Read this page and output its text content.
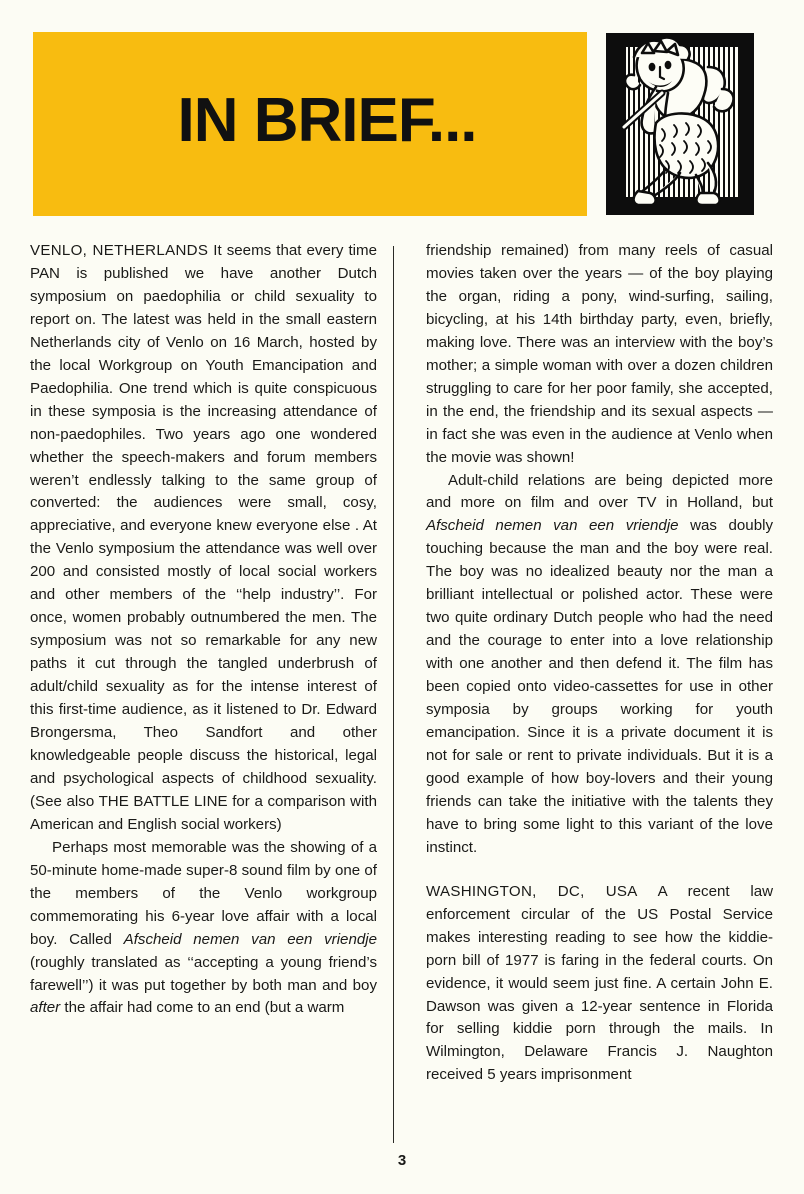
IN BRIEF...

VENLO, NETHERLANDS It seems that every time PAN is published we have another Dutch symposium on paedophilia or child sexuality to report on. The latest was held in the small eastern Netherlands city of Venlo on 16 March, hosted by the local Workgroup on Youth Emancipation and Paedophilia. One trend which is quite conspicuous in these symposia is the increasing attendance of non-paedophiles. Two years ago one wondered whether the speech-makers and forum members weren’t endlessly talking to the same group of converted: the audiences were small, cosy, appreciative, and everyone knew everyone else . At the Venlo symposium the attendance was well over 200 and consisted mostly of local social workers and other members of the ‘‘help industry’’. For once, women probably outnumbered the men. The symposium was not so remarkable for any new paths it cut through the tangled underbrush of adult/child sexuality as for the intense interest of this first-time audience, as it listened to Dr. Edward Brongersma, Theo Sandfort and other knowledgeable people discuss the historical, legal and psychological aspects of childhood sexuality. (See also THE BATTLE LINE for a comparison with American and English social workers)

Perhaps most memorable was the showing of a 50-minute home-made super-8 sound film by one of the members of the Venlo workgroup commemorating his 6-year love affair with a local boy. Called Afscheid nemen van een vriendje (roughly translated as ‘‘accepting a young friend’s farewell’’) it was put together by both man and boy after the affair had come to an end (but a warm

friendship remained) from many reels of casual movies taken over the years — of the boy playing the organ, riding a pony, wind-surfing, sailing, bicycling, at his 14th birthday party, even, briefly, making love. There was an interview with the boy’s mother; a simple woman with over a dozen children struggling to care for her poor family, she accepted, in the end, the friendship and its sexual aspects — in fact she was even in the audience at Venlo when the movie was shown!

Adult-child relations are being depicted more and more on film and over TV in Holland, but Afscheid nemen van een vriendje was doubly touching because the man and the boy were real. The boy was no idealized beauty nor the man a brilliant intellectual or polished actor. These were two quite ordinary Dutch people who had the need and the courage to enter into a love relationship with one another and then defend it. The film has been copied onto video-cassettes for use in other symposia by groups working for youth emancipation. Since it is a private document it is not for sale or rent to private individuals. But it is a good example of how boy-lovers and their young friends can take the initiative with the talents they have to bring some light to this variant of the love instinct.

WASHINGTON, DC, USA A recent law enforcement circular of the US Postal Service makes interesting reading to see how the kiddie-porn bill of 1977 is faring in the federal courts. On evidence, it would seem just fine. A certain John E. Dawson was given a 12-year sentence in Florida for selling kiddie porn through the mails. In Wilmington, Delaware Francis J. Naughton received 5 years imprisonment

3
